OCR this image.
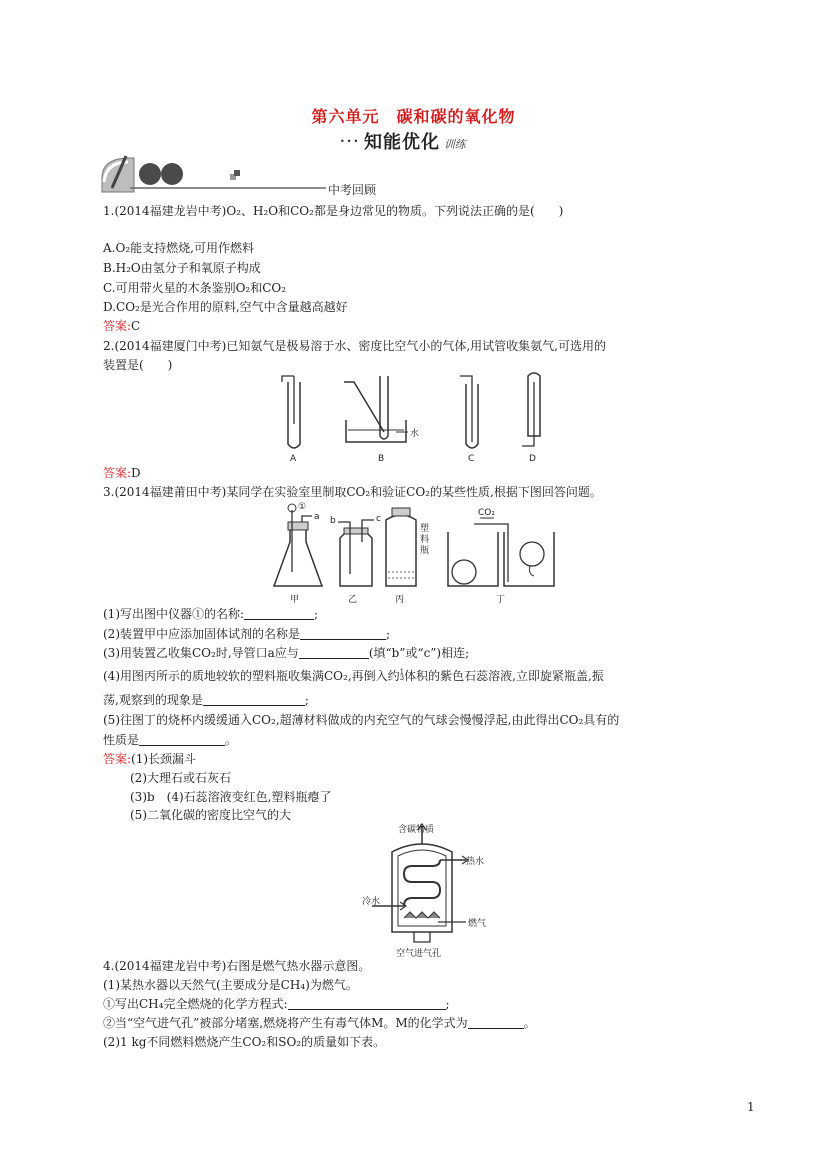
第六单元　碳和碳的氧化物
••• 知能优化 训练
中考回顾
1.(2014福建龙岩中考)O₂、H₂O和CO₂都是身边常见的物质。下列说法正确的是(　　)
A.O₂能支持燃烧,可用作燃料
B.H₂O由氢分子和氧原子构成
C.可用带火星的木条鉴别O₂和CO₂
D.CO₂是光合作用的原料,空气中含量越高越好
答案:C
2.(2014福建厦门中考)已知氨气是极易溶于水、密度比空气小的气体,用试管收集氨气,可选用的
装置是(　　)
A	B	C	D
水
答案:D
3.(2014福建莆田中考)某同学在实验室里制取CO₂和验证CO₂的某些性质,根据下图回答问题。
①
a b	c
CO₂
塑料瓶
甲	乙	丙	丁
(1)写出图中仪器①的名称:	;
(2)装置甲中应添加固体试剂的名称是	;
(3)用装置乙收集CO₂时,导管口a应与	(填“b”或“c”)相连;
(4)用图丙所示的质地较软的塑料瓶收集满CO₂,再倒入约1
3体积的紫色石蕊溶液,立即旋紧瓶盖,振
荡,观察到的现象是	;
(5)往图丁的烧杯内缓缓通入CO₂,超薄材料做成的内充空气的气球会慢慢浮起,由此得出CO₂具有的
性质是	。
答案:(1)长颈漏斗
(2)大理石或石灰石
(3)b　(4)石蕊溶液变红色,塑料瓶瘪了
(5)二氧化碳的密度比空气的大
含碳物质
热水
冷水
燃气
空气进气孔
4.(2014福建龙岩中考)右图是燃气热水器示意图。
(1)某热水器以天然气(主要成分是CH₄)为燃气。
①写出CH₄完全燃烧的化学方程式:	;
②当“空气进气孔”被部分堵塞,燃烧将产生有毒气体M。M的化学式为	。
(2)1 kg不同燃料燃烧产生CO₂和SO₂的质量如下表。
1
